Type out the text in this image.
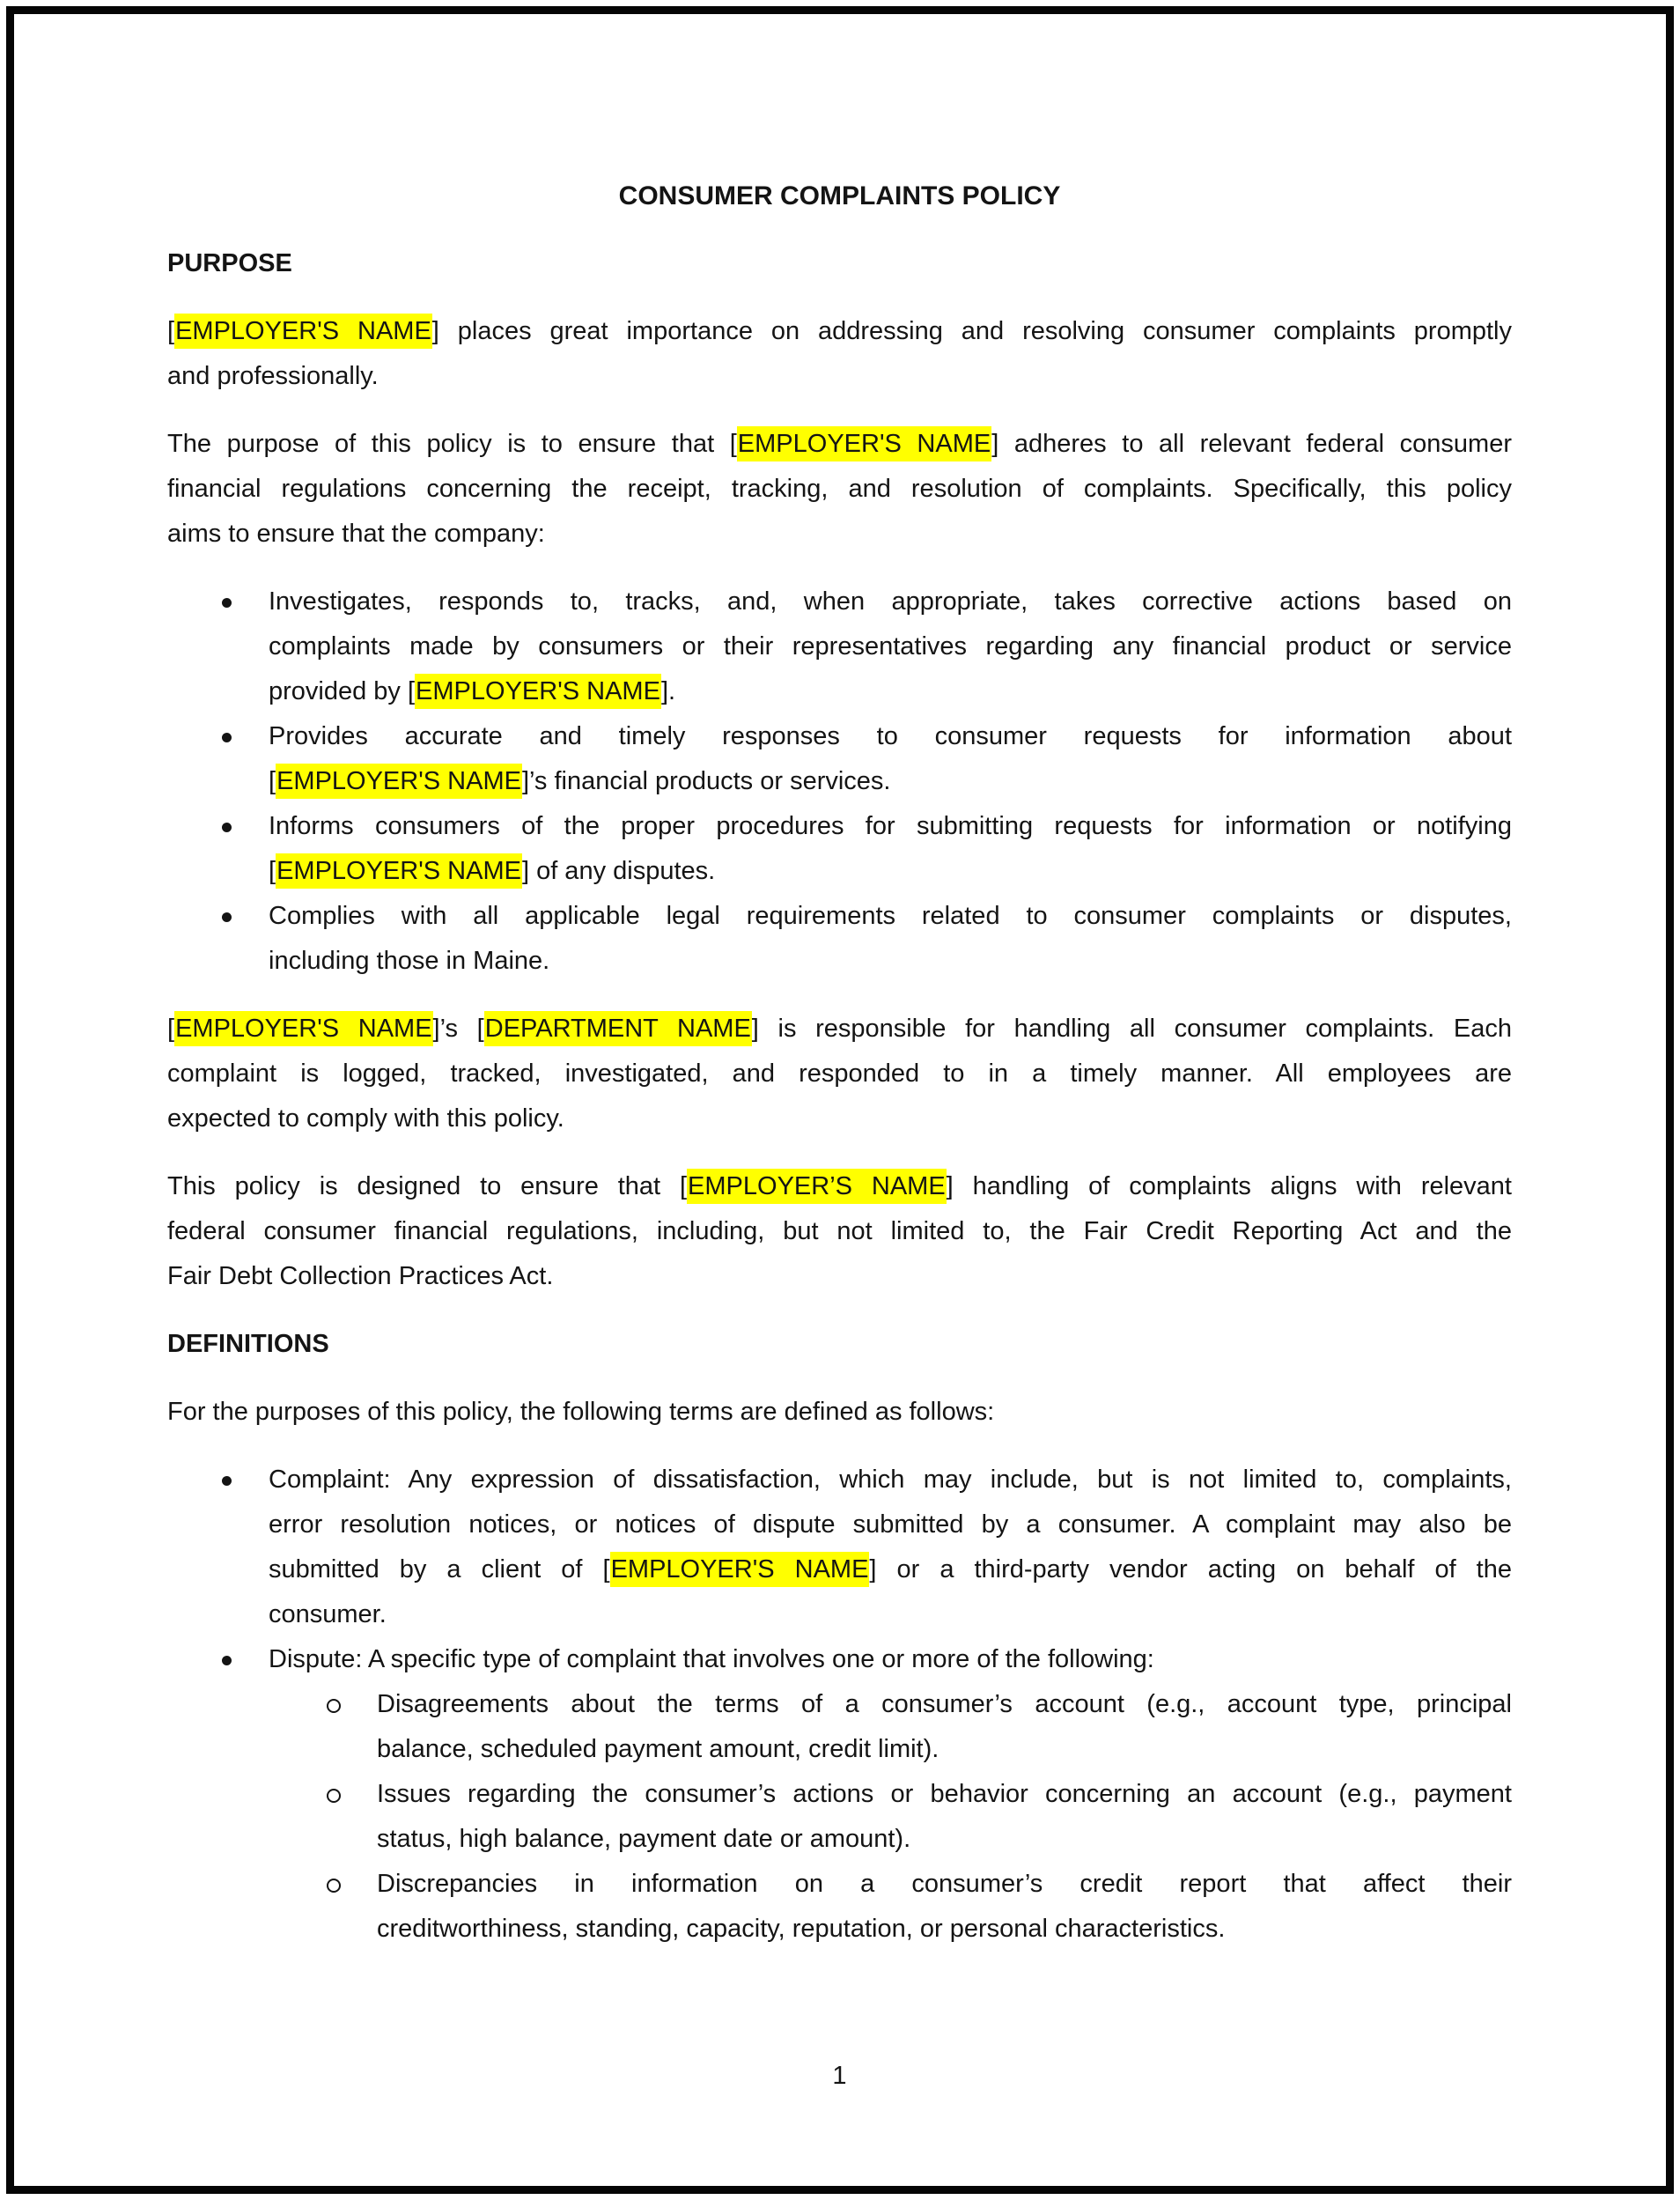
CONSUMER COMPLAINTS POLICY
PURPOSE
[EMPLOYER'S NAME] places great importance on addressing and resolving consumer complaints promptly
and professionally.
The purpose of this policy is to ensure that [EMPLOYER'S NAME] adheres to all relevant federal consumer
financial regulations concerning the receipt, tracking, and resolution of complaints. Specifically, this policy
aims to ensure that the company:
Investigates, responds to, tracks, and, when appropriate, takes corrective actions based on
complaints made by consumers or their representatives regarding any financial product or service
provided by [EMPLOYER'S NAME].
Provides accurate and timely responses to consumer requests for information about
[EMPLOYER'S NAME]’s financial products or services.
Informs consumers of the proper procedures for submitting requests for information or notifying
[EMPLOYER'S NAME] of any disputes.
Complies with all applicable legal requirements related to consumer complaints or disputes,
including those in Maine.
[EMPLOYER'S NAME]’s [DEPARTMENT NAME] is responsible for handling all consumer complaints. Each
complaint is logged, tracked, investigated, and responded to in a timely manner. All employees are
expected to comply with this policy.
This policy is designed to ensure that [EMPLOYER’S NAME] handling of complaints aligns with relevant
federal consumer financial regulations, including, but not limited to, the Fair Credit Reporting Act and the
Fair Debt Collection Practices Act.
DEFINITIONS
For the purposes of this policy, the following terms are defined as follows:
Complaint: Any expression of dissatisfaction, which may include, but is not limited to, complaints,
error resolution notices, or notices of dispute submitted by a consumer. A complaint may also be
submitted by a client of [EMPLOYER'S NAME] or a third-party vendor acting on behalf of the
consumer.
Dispute: A specific type of complaint that involves one or more of the following:
Disagreements about the terms of a consumer’s account (e.g., account type, principal
balance, scheduled payment amount, credit limit).
Issues regarding the consumer’s actions or behavior concerning an account (e.g., payment
status, high balance, payment date or amount).
Discrepancies in information on a consumer’s credit report that affect their
creditworthiness, standing, capacity, reputation, or personal characteristics.
1
